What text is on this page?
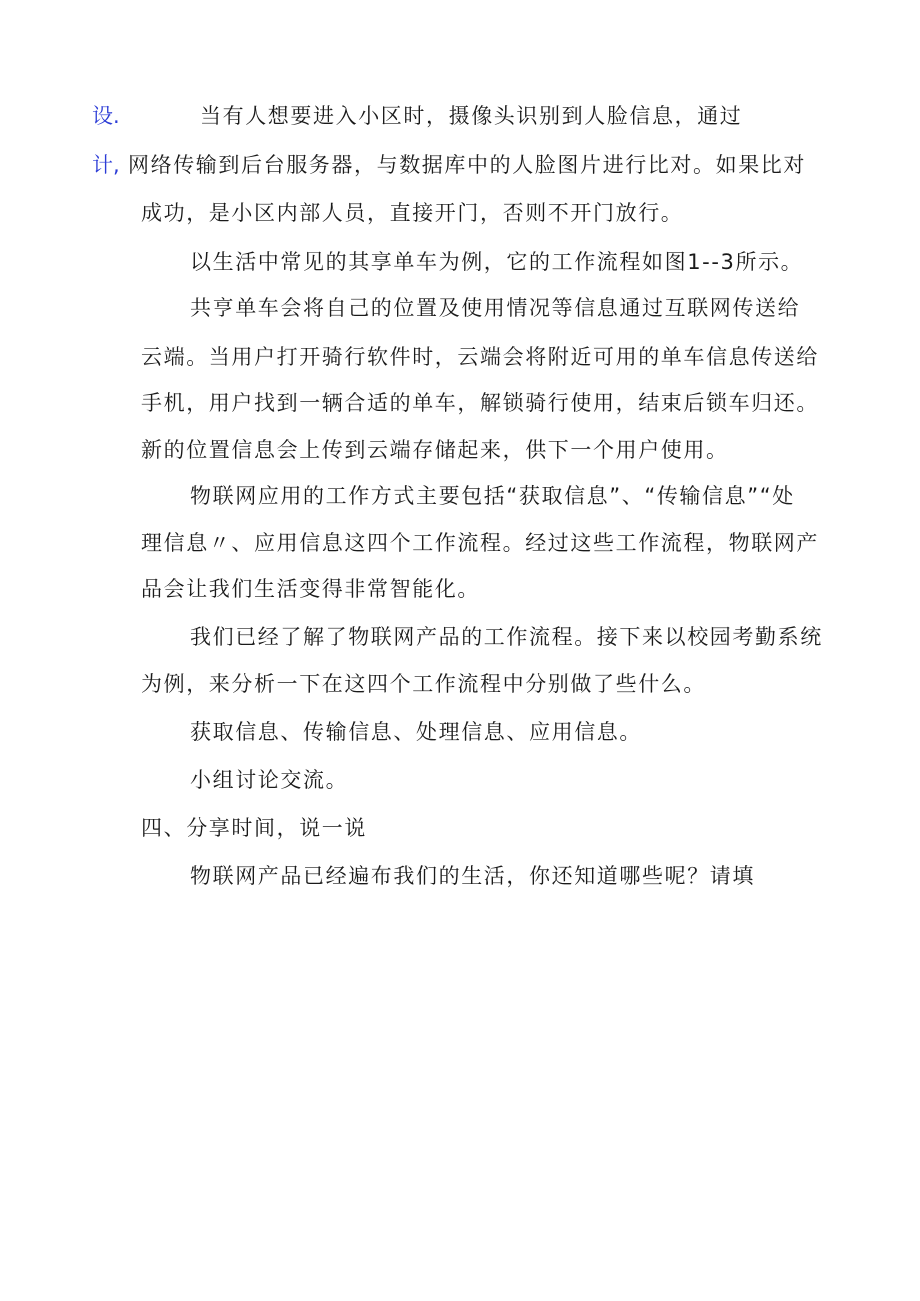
设.
计,
当有人想要进入小区时，摄像头识别到人脸信息，通过
网络传输到后台服务器，与数据库中的人脸图片进行比对。如果比对
成功，是小区内部人员，直接开门，否则不开门放行。
以生活中常见的其享单车为例，它的工作流程如图1--3所示。
共亨单车会将自己的位置及使用情况等信息通过互联网传送给
云端。当用户打开骑行软件时，云端会将附近可用的单车信息传送给
手机，用户找到一辆合适的单车，解锁骑行使用，结束后锁车归还。
新的位置信息会上传到云端存储起来，供下一个用户使用。
物联网应用的工作方式主要包括“获取信息”、“传输信息”“处
理信息〃、应用信息这四个工作流程。经过这些工作流程，物联网产
品会让我们生活变得非常智能化。
我们已经了解了物联网产品的工作流程。接下来以校园考勤系统
为例，来分析一下在这四个工作流程中分别做了些什么。
获取信息、传输信息、处理信息、应用信息。
小组讨论交流。
四、分享时间，说一说
物联网产品已经遍布我们的生活，你还知道哪些呢？请填
